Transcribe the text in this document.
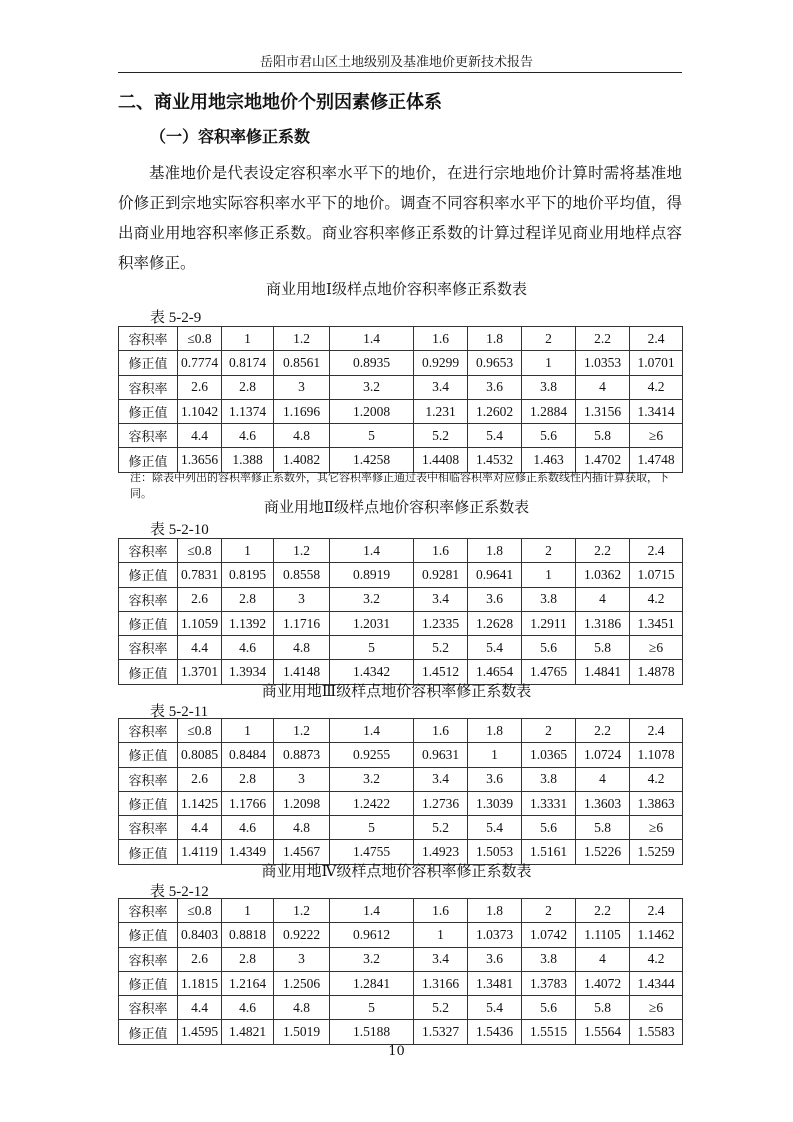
岳阳市君山区土地级别及基准地价更新技术报告
二、商业用地宗地地价个别因素修正体系
（一）容积率修正系数
基准地价是代表设定容积率水平下的地价，在进行宗地地价计算时需将基准地价修正到宗地实际容积率水平下的地价。调查不同容积率水平下的地价平均值，得出商业用地容积率修正系数。商业容积率修正系数的计算过程详见商业用地样点容积率修正。
商业用地Ⅰ级样点地价容积率修正系数表
表 5-2-9
容积率	≤0.8	1	1.2	1.4	1.6	1.8	2	2.2	2.4
修正值	0.7774	0.8174	0.8561	0.8935	0.9299	0.9653	1	1.0353	1.0701
容积率	2.6	2.8	3	3.2	3.4	3.6	3.8	4	4.2
修正值	1.1042	1.1374	1.1696	1.2008	1.231	1.2602	1.2884	1.3156	1.3414
容积率	4.4	4.6	4.8	5	5.2	5.4	5.6	5.8	≥6
修正值	1.3656	1.388	1.4082	1.4258	1.4408	1.4532	1.463	1.4702	1.4748
注：除表中列出的容积率修正系数外，其它容积率修正通过表中相临容积率对应修正系数线性内插计算获取，下同。
商业用地Ⅱ级样点地价容积率修正系数表
表 5-2-10
容积率	≤0.8	1	1.2	1.4	1.6	1.8	2	2.2	2.4
修正值	0.7831	0.8195	0.8558	0.8919	0.9281	0.9641	1	1.0362	1.0715
容积率	2.6	2.8	3	3.2	3.4	3.6	3.8	4	4.2
修正值	1.1059	1.1392	1.1716	1.2031	1.2335	1.2628	1.2911	1.3186	1.3451
容积率	4.4	4.6	4.8	5	5.2	5.4	5.6	5.8	≥6
修正值	1.3701	1.3934	1.4148	1.4342	1.4512	1.4654	1.4765	1.4841	1.4878
商业用地Ⅲ级样点地价容积率修正系数表
表 5-2-11
容积率	≤0.8	1	1.2	1.4	1.6	1.8	2	2.2	2.4
修正值	0.8085	0.8484	0.8873	0.9255	0.9631	1	1.0365	1.0724	1.1078
容积率	2.6	2.8	3	3.2	3.4	3.6	3.8	4	4.2
修正值	1.1425	1.1766	1.2098	1.2422	1.2736	1.3039	1.3331	1.3603	1.3863
容积率	4.4	4.6	4.8	5	5.2	5.4	5.6	5.8	≥6
修正值	1.4119	1.4349	1.4567	1.4755	1.4923	1.5053	1.5161	1.5226	1.5259
商业用地Ⅳ级样点地价容积率修正系数表
表 5-2-12
容积率	≤0.8	1	1.2	1.4	1.6	1.8	2	2.2	2.4
修正值	0.8403	0.8818	0.9222	0.9612	1	1.0373	1.0742	1.1105	1.1462
容积率	2.6	2.8	3	3.2	3.4	3.6	3.8	4	4.2
修正值	1.1815	1.2164	1.2506	1.2841	1.3166	1.3481	1.3783	1.4072	1.4344
容积率	4.4	4.6	4.8	5	5.2	5.4	5.6	5.8	≥6
修正值	1.4595	1.4821	1.5019	1.5188	1.5327	1.5436	1.5515	1.5564	1.5583
10
